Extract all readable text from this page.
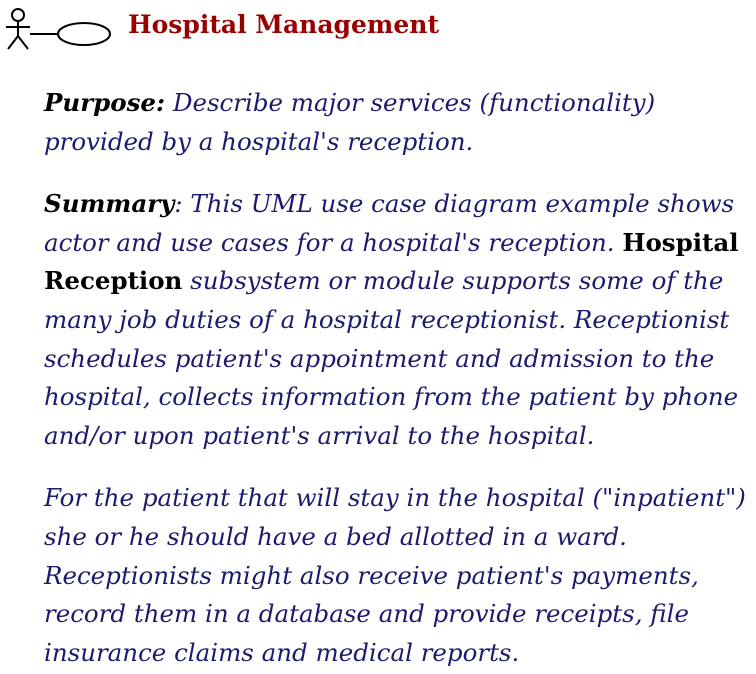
Hospital Management

Purpose: Describe major services (functionality) provided by a hospital's reception.

Summary: This UML use case diagram example shows actor and use cases for a hospital's reception. Hospital Reception subsystem or module supports some of the many job duties of a hospital receptionist. Receptionist schedules patient's appointment and admission to the hospital, collects information from the patient by phone and/or upon patient's arrival to the hospital.

For the patient that will stay in the hospital ("inpatient") she or he should have a bed allotted in a ward. Receptionists might also receive patient's payments, record them in a database and provide receipts, file insurance claims and medical reports.
